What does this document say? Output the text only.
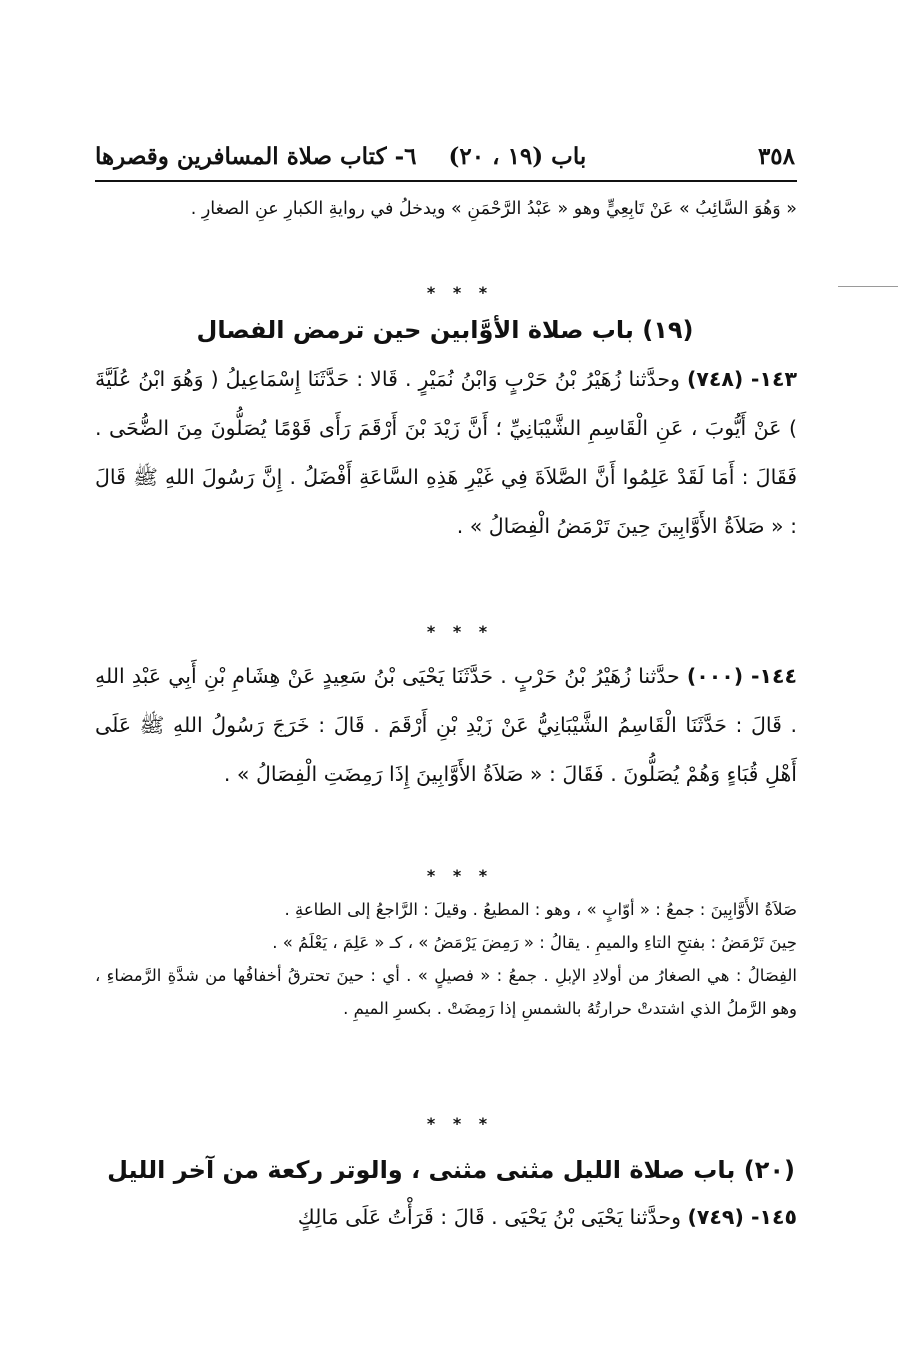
٣٥٨
باب (١٩ ، ٢٠)    ٦- كتاب صلاة المسافرين وقصرها
« وَهُوَ السَّائِبُ » عَنْ تَابِعِيٍّ وهو « عَبْدُ الرَّحْمَنِ » ويدخلُ في روايةِ الكبارِ عنِ الصغارِ .
* * *
(١٩) باب صلاة الأوَّابين حين ترمض الفصال
١٤٣- (٧٤٨) وحدَّثنا زُهَيْرُ بْنُ حَرْبٍ وَابْنُ نُمَيْرٍ . قَالا : حَدَّثَنَا إِسْمَاعِيلُ ( وَهُوَ ابْنُ عُلَيَّةَ ) عَنْ أَيُّوبَ ، عَنِ الْقَاسِمِ الشَّيْبَانِيِّ ؛ أَنَّ زَيْدَ بْنَ أَرْقَمَ رَأَى قَوْمًا يُصَلُّونَ مِنَ الضُّحَى . فَقَالَ : أَمَا لَقَدْ عَلِمُوا أَنَّ الصَّلاَةَ فِي غَيْرِ هَذِهِ السَّاعَةِ أَفْضَلُ . إِنَّ رَسُولَ اللهِ ﷺ قَالَ : « صَلاَةُ الأَوَّابِينَ حِينَ تَرْمَضُ الْفِصَالُ » .
* * *
١٤٤- (٠٠٠) حدَّثنا زُهَيْرُ بْنُ حَرْبٍ . حَدَّثَنَا يَحْيَى بْنُ سَعِيدٍ عَنْ هِشَامِ بْنِ أَبِي عَبْدِ اللهِ . قَالَ : حَدَّثَنَا الْقَاسِمُ الشَّيْبَانِيُّ عَنْ زَيْدِ بْنِ أَرْقَمَ . قَالَ : خَرَجَ رَسُولُ اللهِ ﷺ عَلَى أَهْلِ قُبَاءٍ وَهُمْ يُصَلُّونَ . فَقَالَ : « صَلاَةُ الأَوَّابِينَ إِذَا رَمِضَتِ الْفِصَالُ » .
* * *
صَلاَةُ الأَوَّابِينَ : جمعُ : « أوّابٍ » ، وهو : المطيعُ . وقيلَ : الرَّاجعُ إلى الطاعةِ .
حِينَ تَرْمَضُ : بفتحِ التاءِ والميمِ . يقالُ : « رَمِضَ يَرْمَضُ » ، كـ « عَلِمَ ، يَعْلَمُ » .
الفِصَالُ : هي الصغارُ من أولادِ الإبلِ . جمعُ : « فصيلٍ » . أي : حينَ تحترقُ أخفافُها من شدَّةِ الرَّمضاءِ ، وهو الرَّملُ الذي اشتدتْ حرارتُهُ بالشمسِ إذا رَمِضَتْ . بكسرِ الميمِ .
* * *
(٢٠) باب صلاة الليل مثنى مثنى ، والوتر ركعة من آخر الليل
١٤٥- (٧٤٩) وحدَّثنا يَحْيَى بْنُ يَحْيَى . قَالَ : قَرَأْتُ عَلَى مَالِكٍ
